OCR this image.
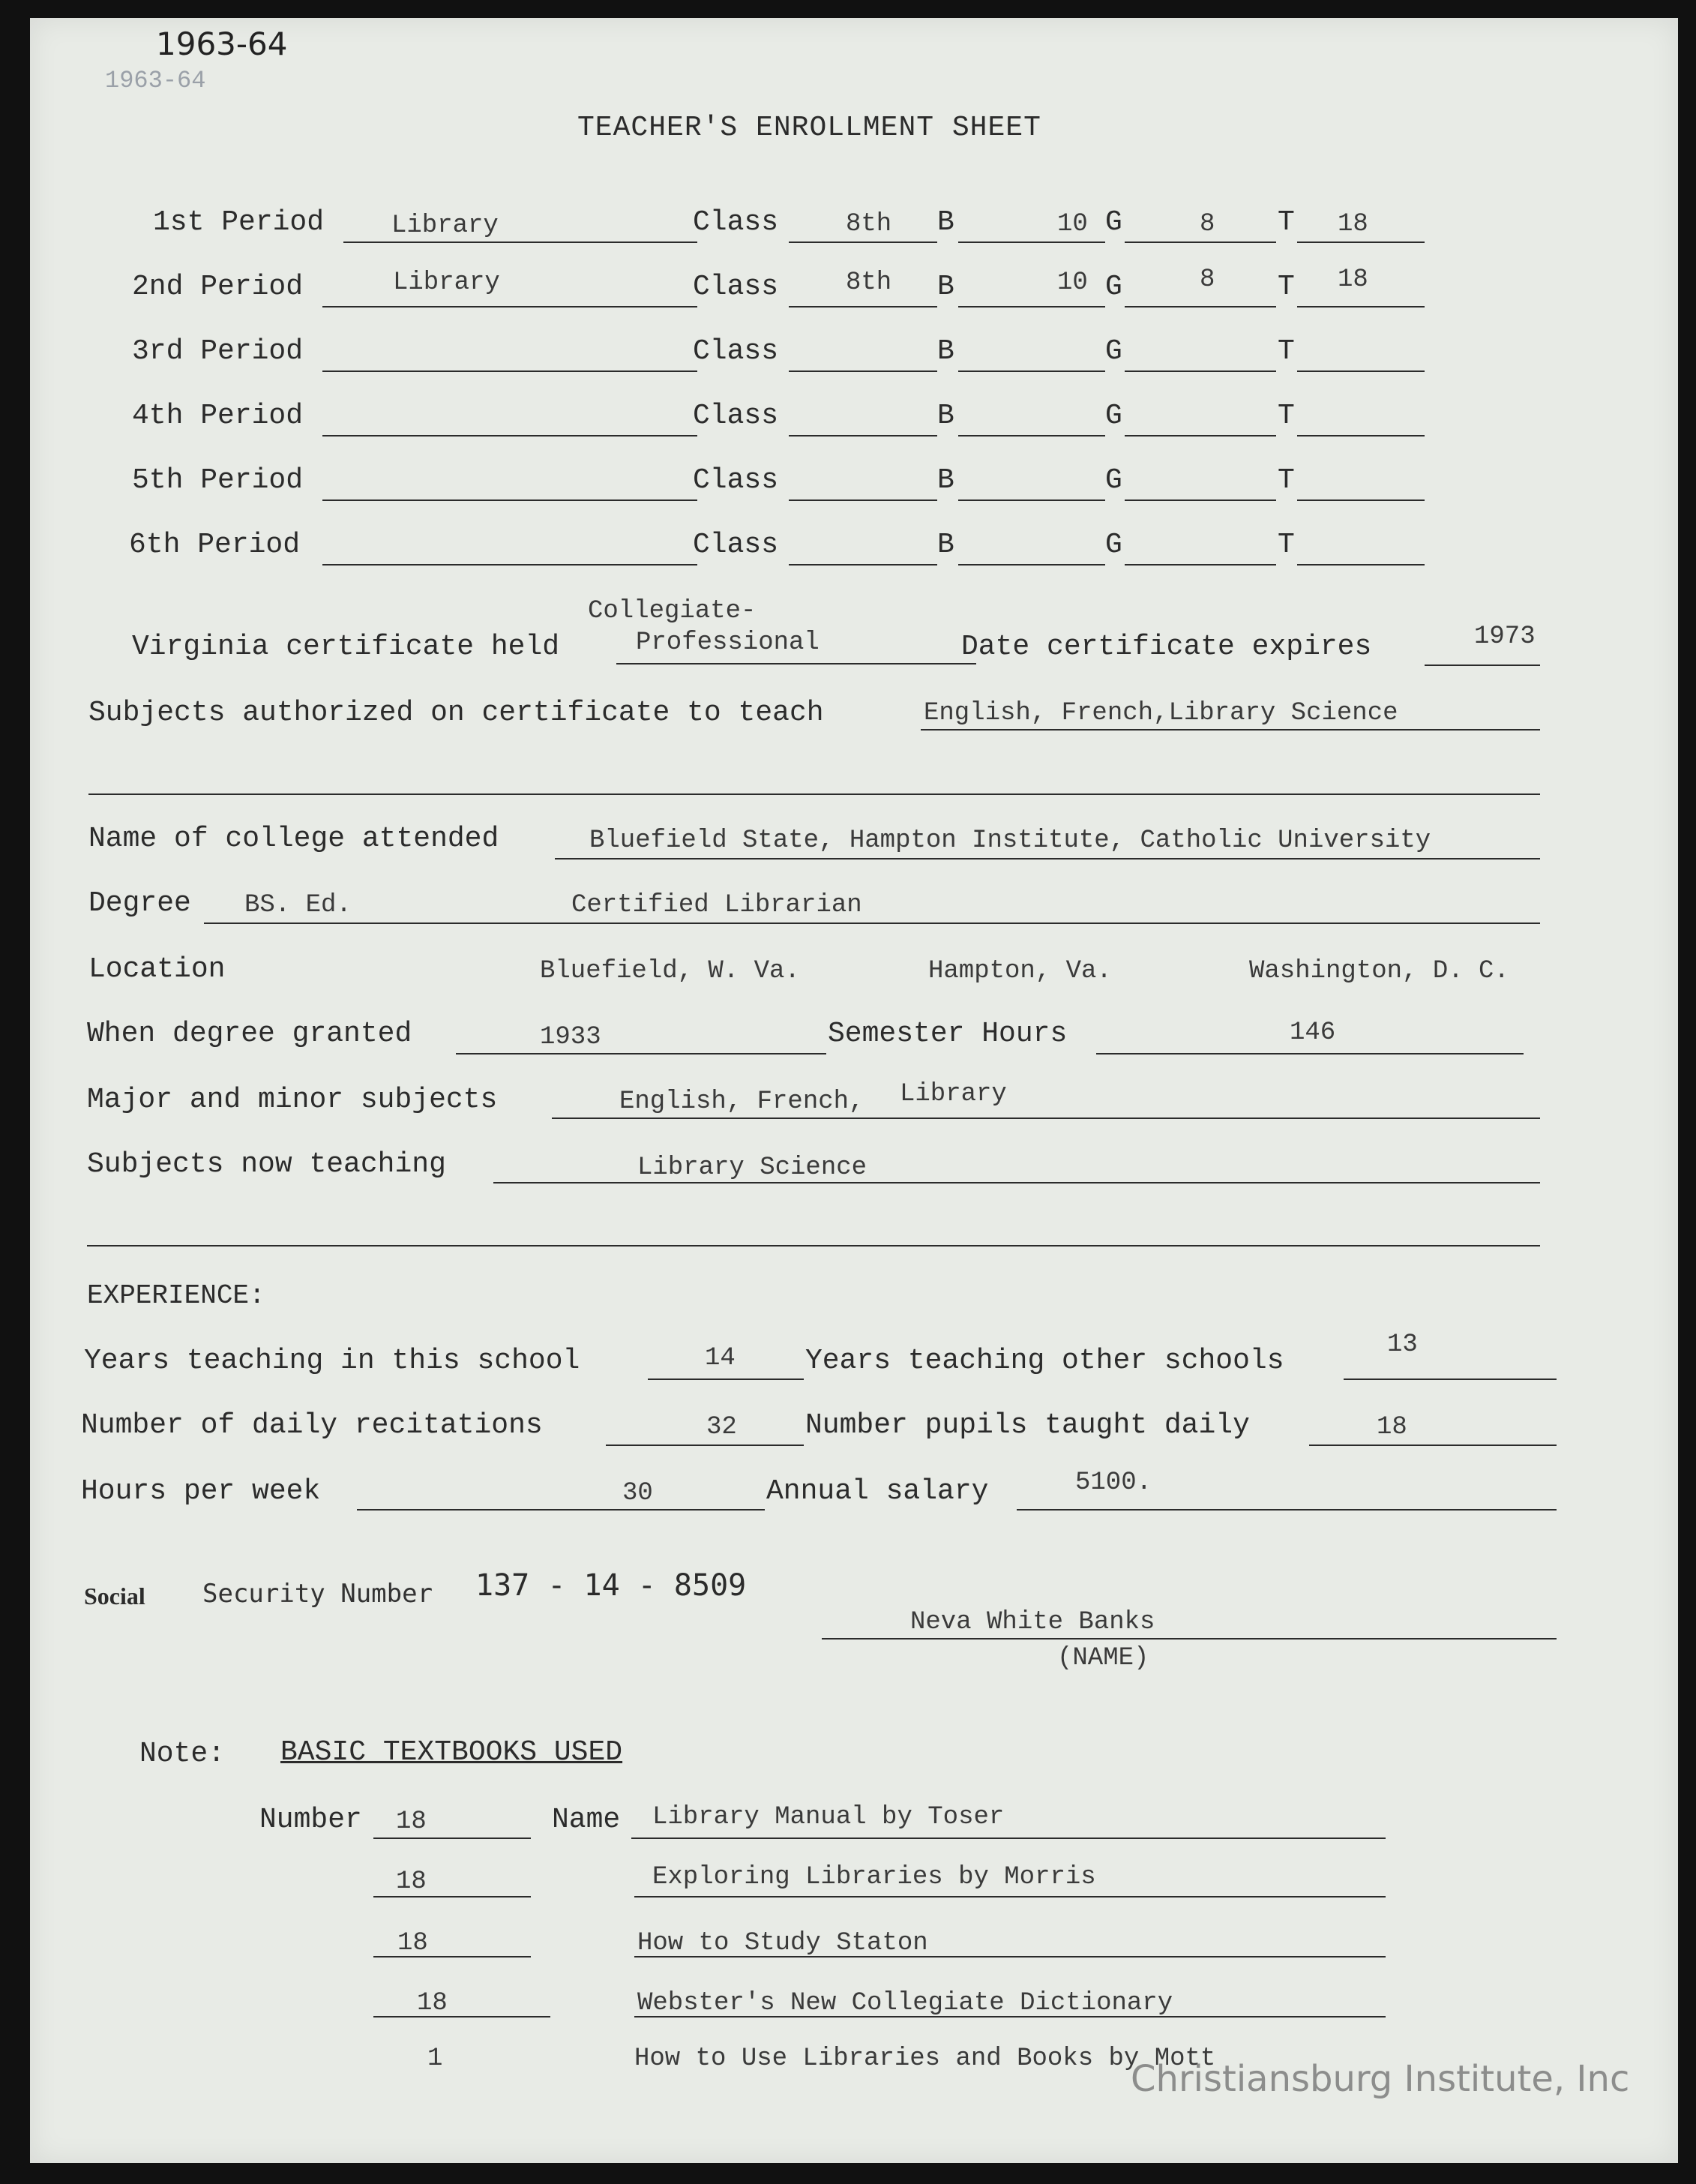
1963-64
1963-64
TEACHER'S ENROLLMENT SHEET
1st Period	Library	Class	8th B	10 G	8 T 18
2nd Period	Library	Class	8th B	10 G	8 T 18
3rd Period	Class	B	G	T
4th Period	Class	B	G	T
5th Period	Class	B	G	T
6th Period	Class	B	G	T
Collegiate-
Virginia certificate held	Professional	Date certificate expires	1973
Subjects authorized on certificate to teach	English, French,Library Science
Name of college attended	Bluefield State, Hampton Institute, Catholic University
Degree BS. Ed.	Certified Librarian
Location	Bluefield, W. Va.	Hampton, Va.	Washington, D. C.
When degree granted	1933	Semester Hours	146
Major and minor subjects	English, French, Library
Subjects now teaching	Library Science
EXPERIENCE:
Years teaching in this school	14 Years teaching other schools	13
Number of daily recitations	32 Number pupils taught daily	18
Hours per week	30	Annual salary	5100.
Social Security Number 137 - 14 - 8509
Neva White Banks
(NAME)
Note: BASIC TEXTBOOKS USED
Number 18	Name Library Manual by Toser
18	Exploring Libraries by Morris
18	How to Study Staton
18	Webster's New Collegiate Dictionary
1	How to Use Libraries and Books by Mott
Christiansburg Institute, Inc
